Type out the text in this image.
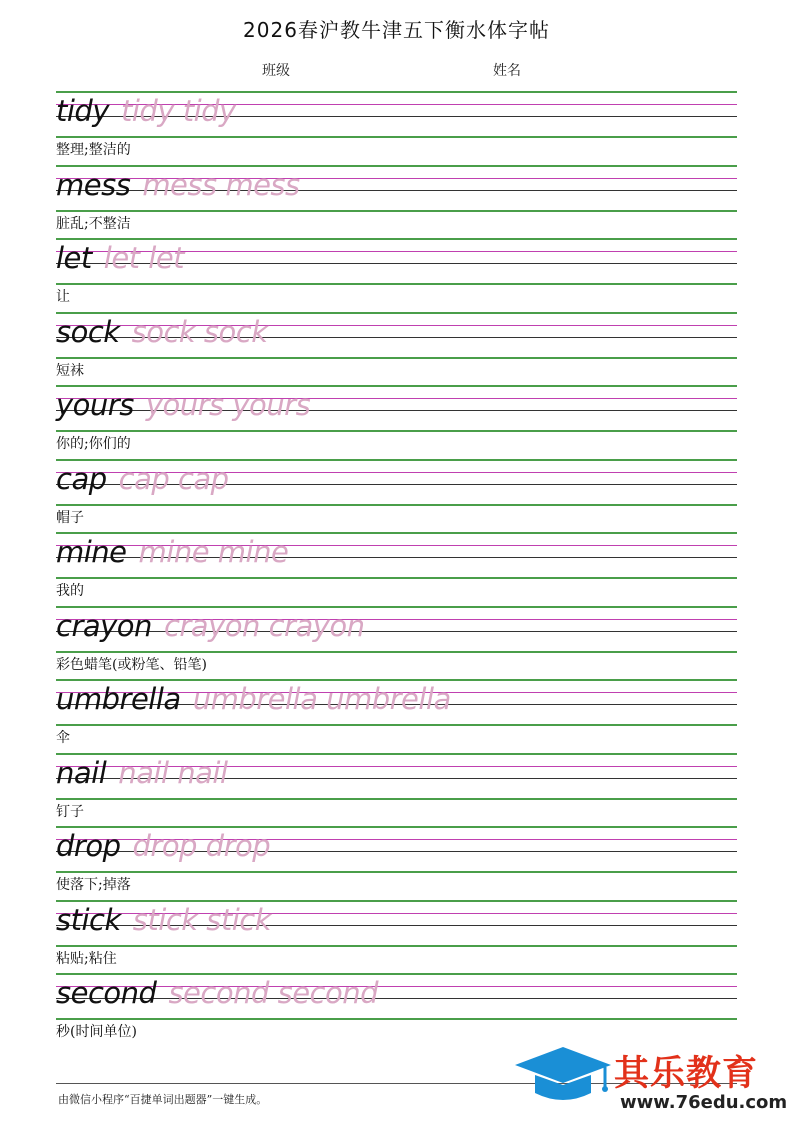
2026春沪教牛津五下衡水体字帖
班级	姓名
tidy tidy tidy
整理;整洁的
mess mess mess
脏乱;不整洁
let let let
让
sock sock sock
短袜
yours yours yours
你的;你们的
cap cap cap
帽子
mine mine mine
我的
crayon crayon crayon
彩色蜡笔(或粉笔、铅笔)
umbrella umbrella umbrella
伞
nail nail nail
钉子
drop drop drop
使落下;掉落
stick stick stick
粘贴;粘住
second second second
秒(时间单位)
由微信小程序“百捷单词出题器”一键生成。
其乐教育
www.76edu.com
